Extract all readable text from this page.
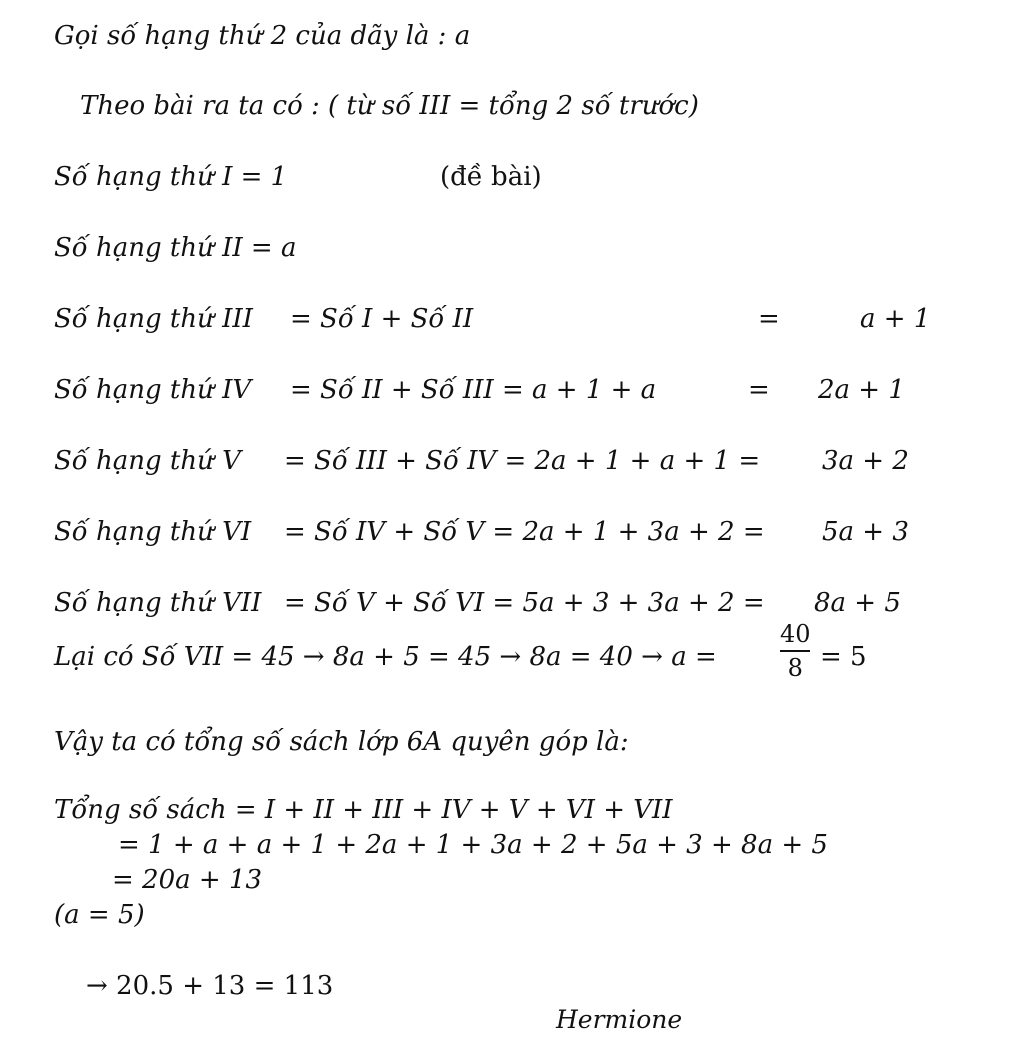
Gọi số hạng thứ 2 của dãy là : a
Theo bài ra ta có : ( từ số III = tổng 2 số trước)
Số hạng thứ I = 1	(đề bài)
Số hạng thứ II = a
Số hạng thứ III = Số I + Số II	=	a + 1
Số hạng thứ IV = Số II + Số III = a + 1 + a	= 2a + 1
Số hạng thứ V = Số III + Số IV = 2a + 1 + a + 1 = 3a + 2
Số hạng thứ VI = Số IV + Số V = 2a + 1 + 3a + 2 = 5a + 3
Số hạng thứ VII = Số V + Số VI = 5a + 3 + 3a + 2 = 8a + 5
Lại có Số VII = 45 → 8a + 5 = 45 → 8a = 40 → a =
40
8 = 5
Vậy ta có tổng số sách lớp 6A quyên góp là:
Tổng số sách = I + II + III + IV + V + VI + VII
= 1 + a + a + 1 + 2a + 1 + 3a + 2 + 5a + 3 + 8a + 5
= 20a + 13
(a = 5)
→ 20.5 + 13 = 113
Hermione
